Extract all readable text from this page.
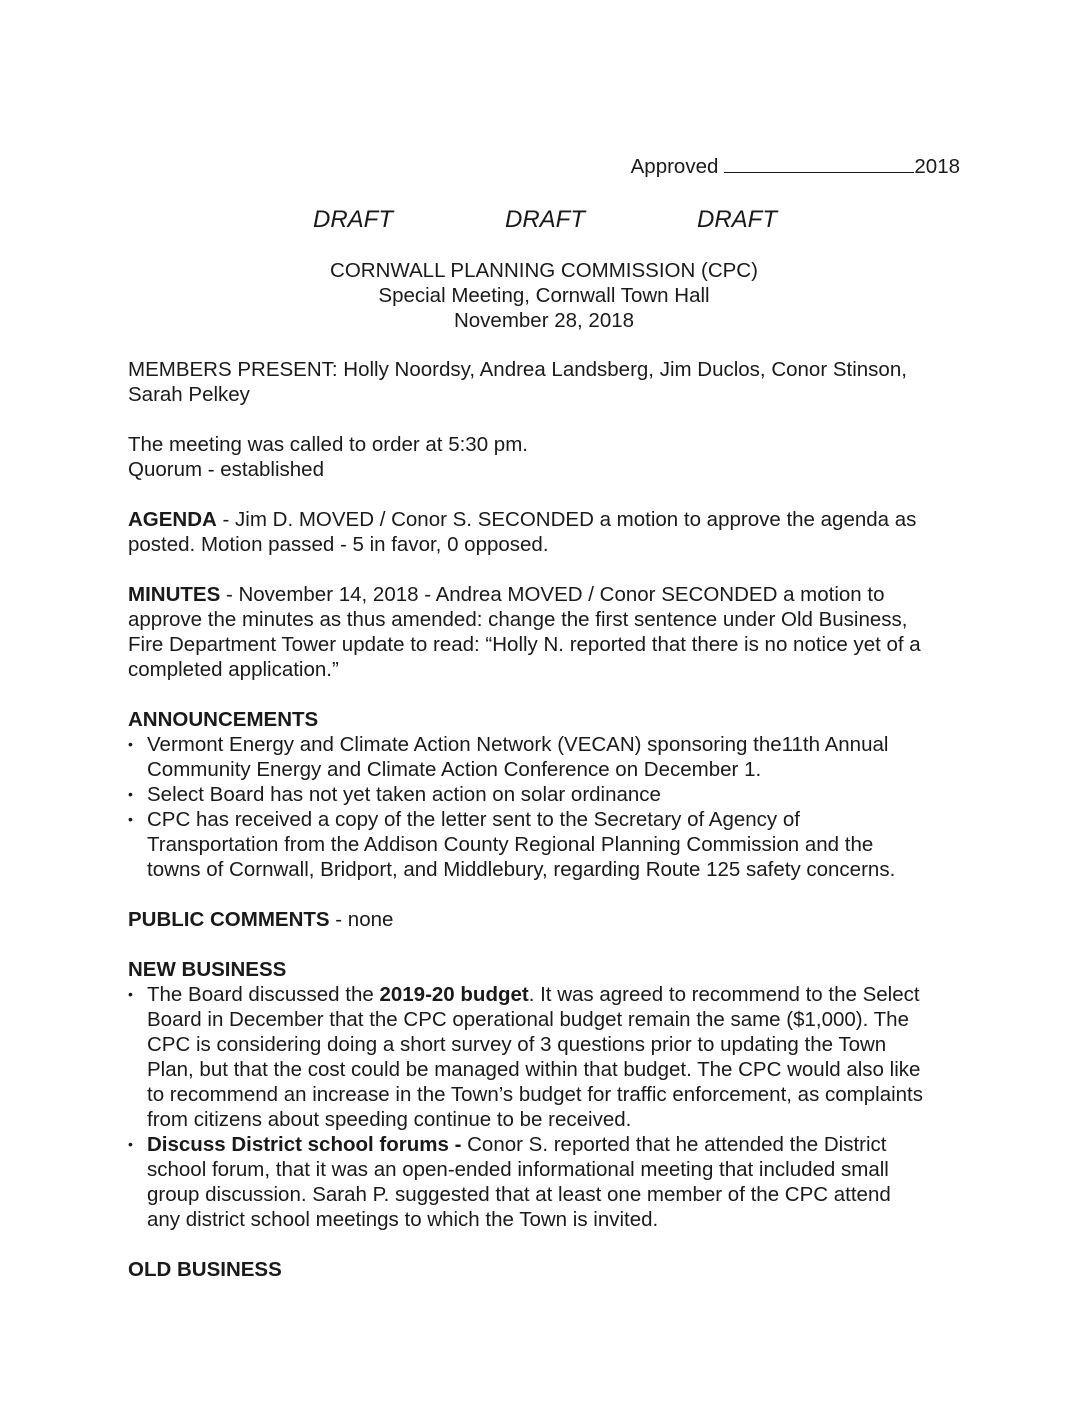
Approved	2018
DRAFT	DRAFT	DRAFT
CORNWALL PLANNING COMMISSION (CPC)
Special Meeting, Cornwall Town Hall
November 28, 2018

MEMBERS PRESENT: Holly Noordsy, Andrea Landsberg, Jim Duclos, Conor Stinson,
Sarah Pelkey

The meeting was called to order at 5:30 pm.
Quorum - established

AGENDA - Jim D. MOVED / Conor S. SECONDED a motion to approve the agenda as
posted. Motion passed - 5 in favor, 0 opposed.

MINUTES - November 14, 2018 - Andrea MOVED / Conor SECONDED a motion to
approve the minutes as thus amended: change the first sentence under Old Business,
Fire Department Tower update to read: “Holly N. reported that there is no notice yet of a
completed application.”

ANNOUNCEMENTS

• Vermont Energy and Climate Action Network (VECAN) sponsoring the11th Annual
Community Energy and Climate Action Conference on December 1.
• Select Board has not yet taken action on solar ordinance
• CPC has received a copy of the letter sent to the Secretary of Agency of
Transportation from the Addison County Regional Planning Commission and the
towns of Cornwall, Bridport, and Middlebury, regarding Route 125 safety concerns.

PUBLIC COMMENTS - none

NEW BUSINESS

• The Board discussed the 2019-20 budget. It was agreed to recommend to the Select
Board in December that the CPC operational budget remain the same ($1,000). The
CPC is considering doing a short survey of 3 questions prior to updating the Town
Plan, but that the cost could be managed within that budget. The CPC would also like
to recommend an increase in the Town’s budget for traffic enforcement, as complaints
from citizens about speeding continue to be received.
• Discuss District school forums - Conor S. reported that he attended the District
school forum, that it was an open-ended informational meeting that included small
group discussion. Sarah P. suggested that at least one member of the CPC attend
any district school meetings to which the Town is invited.

OLD BUSINESS
